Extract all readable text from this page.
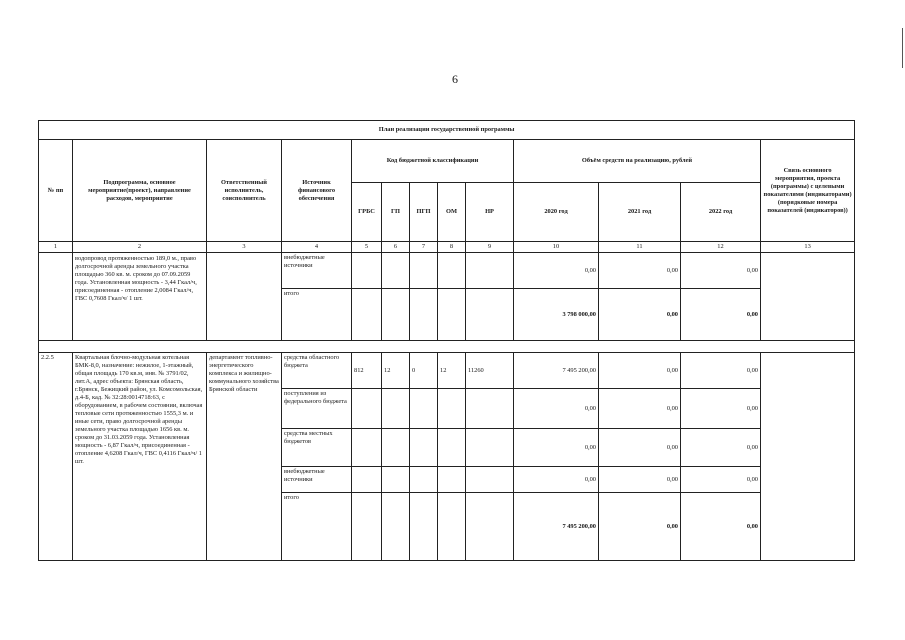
6
План реализации государственной программы												
№ пп	Подпрограмма, основное мероприятие(проект), направление расходов, мероприятие	Ответственный исполнитель, соисполнитель	Источник финансового обеспечения	Код бюджетной классификации					Объём средств на реализацию, рублей			Связь основного мероприятия, проекта (программы) с целевыми показателями (индикаторами) (порядковые номера показателей (индикаторов))
				ГРБС	ГП	ПГП	ОМ	НР	2020 год	2021 год	2022 год	
1	2	3	4	5	6	7	8	9	10	11	12	13
	водопровод протяженностью 189,0 м., право долгосрочной аренды земельного участка площадью 360 кв. м. сроком до 07.09.2059 года. Установленная мощность - 3,44 Гкал/ч, присоединенная - отопление 2,0084 Гкал/ч, ГВС 0,7608 Гкал/ч/ 1 шт.		внебюджетные источники						0,00	0,00	0,00	
			итого						3 798 000,00	0,00	0,00	

2.2.5	Квартальная блочно-модульная котельная БМК-8,0, назначение: нежилое, 1-этажный, общая площадь 170 кв.м, инв. № 3791/02, лит.А, адрес объекта: Брянская область, г.Брянск, Бежицкий район, ул. Комсомольская, д.4-Б, кад. № 32:28:0014718:63, с оборудованием, в рабочем состоянии, включая тепловые сети протяженностью 1555,3 м. и иные сети, право долгосрочной аренды земельного участка площадью 1656 кв. м. сроком до 31.03.2059 года. Установленная мощность - 6,87 Гкал/ч, присоединенная - отопление 4,6208 Гкал/ч, ГВС 0,4116 Гкал/ч/ 1 шт.	департамент топливно-энергетического комплекса и жилищно-коммунального хозяйства Брянской области	средства областного бюджета	812	12	0	12	11260	7 495 200,00	0,00	0,00	
			поступления из федерального бюджета						0,00	0,00	0,00	
			средства местных бюджетов						0,00	0,00	0,00	
			внебюджетные источники						0,00	0,00	0,00	
			итого						7 495 200,00	0,00	0,00	
